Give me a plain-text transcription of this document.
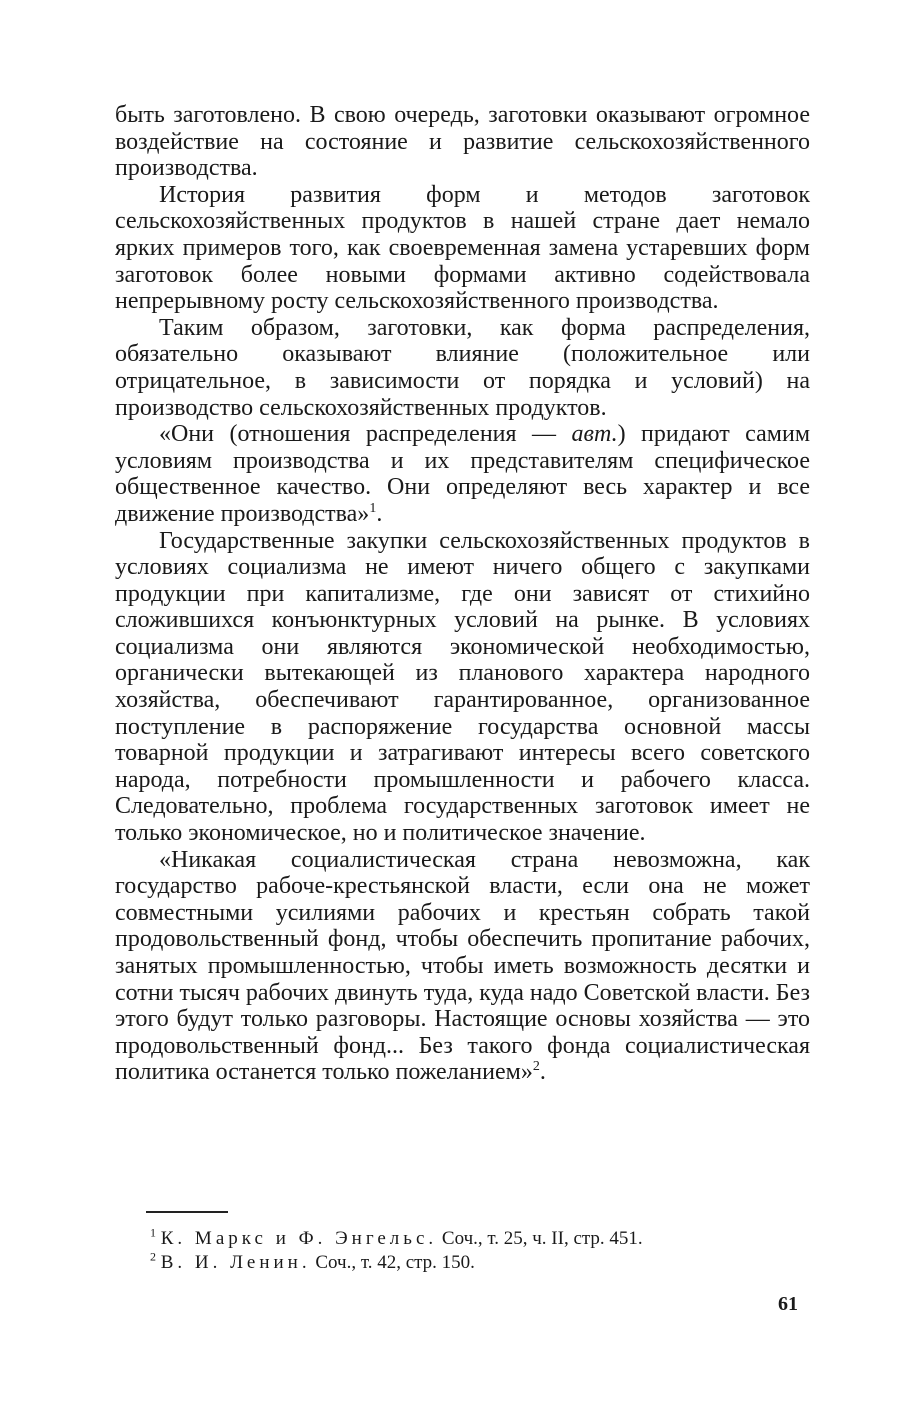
быть заготовлено. В свою очередь, заготовки оказывают огромное воздействие на состояние и развитие сельскохозяйственного производства.

История развития форм и методов заготовок сельскохозяйственных продуктов в нашей стране дает немало ярких примеров того, как своевременная замена устаревших форм заготовок более новыми формами активно содействовала непрерывному росту сельскохозяйственного производства.

Таким образом, заготовки, как форма распределения, обязательно оказывают влияние (положительное или отрицательное, в зависимости от порядка и условий) на производство сельскохозяйственных продуктов.

«Они (отношения распределения — авт.) придают самим условиям производства и их представителям специфическое общественное качество. Они определяют весь характер и все движение производства»$^1$.

Государственные закупки сельскохозяйственных продуктов в условиях социализма не имеют ничего общего с закупками продукции при капитализме, где они зависят от стихийно сложившихся конъюнктурных условий на рынке. В условиях социализма они являются экономической необходимостью, органически вытекающей из планового характера народного хозяйства, обеспечивают гарантированное, организованное поступление в распоряжение государства основной массы товарной продукции и затрагивают интересы всего советского народа, потребности промышленности и рабочего класса. Следовательно, проблема государственных заготовок имеет не только экономическое, но и политическое значение.

«Никакая социалистическая страна невозможна, как государство рабоче-крестьянской власти, если она не может совместными усилиями рабочих и крестьян собрать такой продовольственный фонд, чтобы обеспечить пропитание рабочих, занятых промышленностью, чтобы иметь возможность десятки и сотни тысяч рабочих двинуть туда, куда надо Советской власти. Без этого будут только разговоры. Настоящие основы хозяйства — это продовольственный фонд... Без такого фонда социалистическая политика останется только пожеланием»$^2$.

$^1$ К. Маркс и Ф. Энгельс. Соч., т. 25, ч. II, стр. 451.

$^2$ В. И. Ленин. Соч., т. 42, стр. 150.

61
